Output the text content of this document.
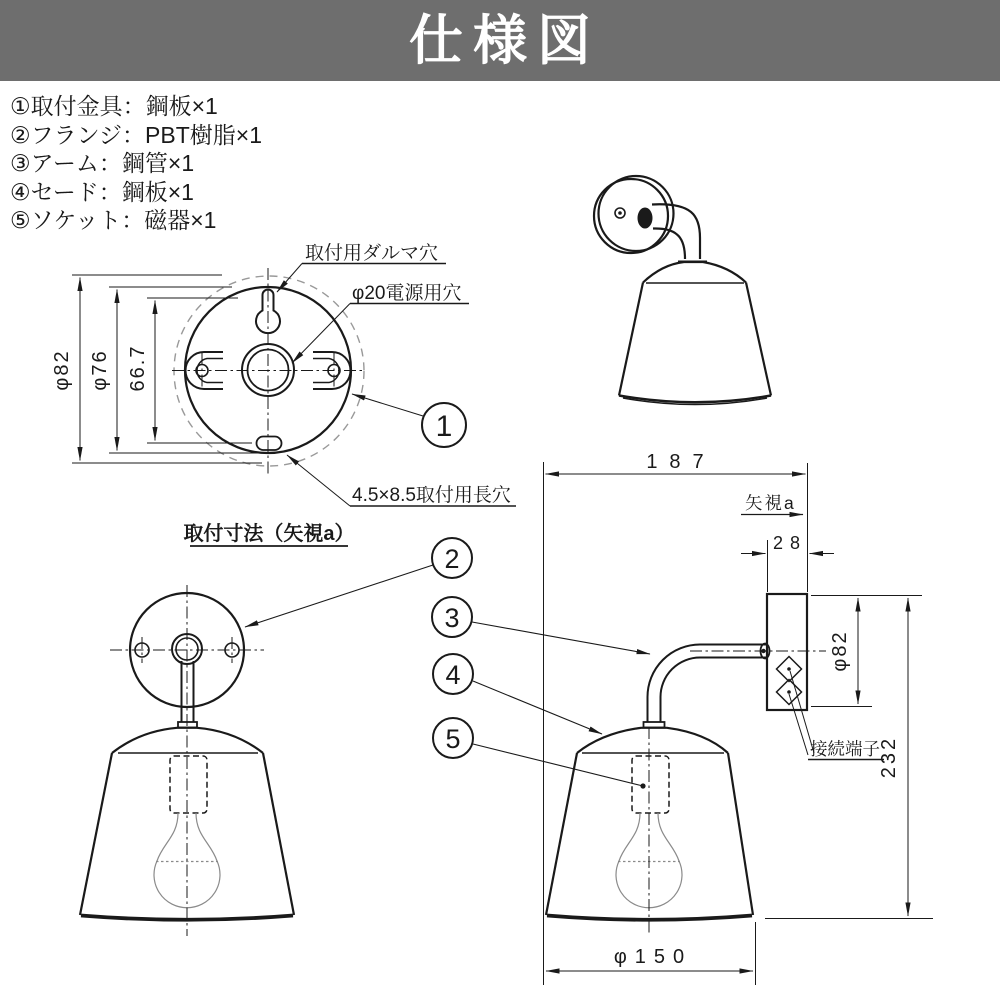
仕様図
①取付金具：鋼板×1
②フランジ：PBT樹脂×1
③アーム：鋼管×1
④セード：鋼板×1
⑤ソケット：磁器×1
φ82 φ76 66.7
取付用ダルマ穴
φ20電源用穴
4.5×8.5取付用長穴
1
取付寸法（矢視a）
2
3
4
5
187
矢視a
28
φ82
232
φ150
接続端子
